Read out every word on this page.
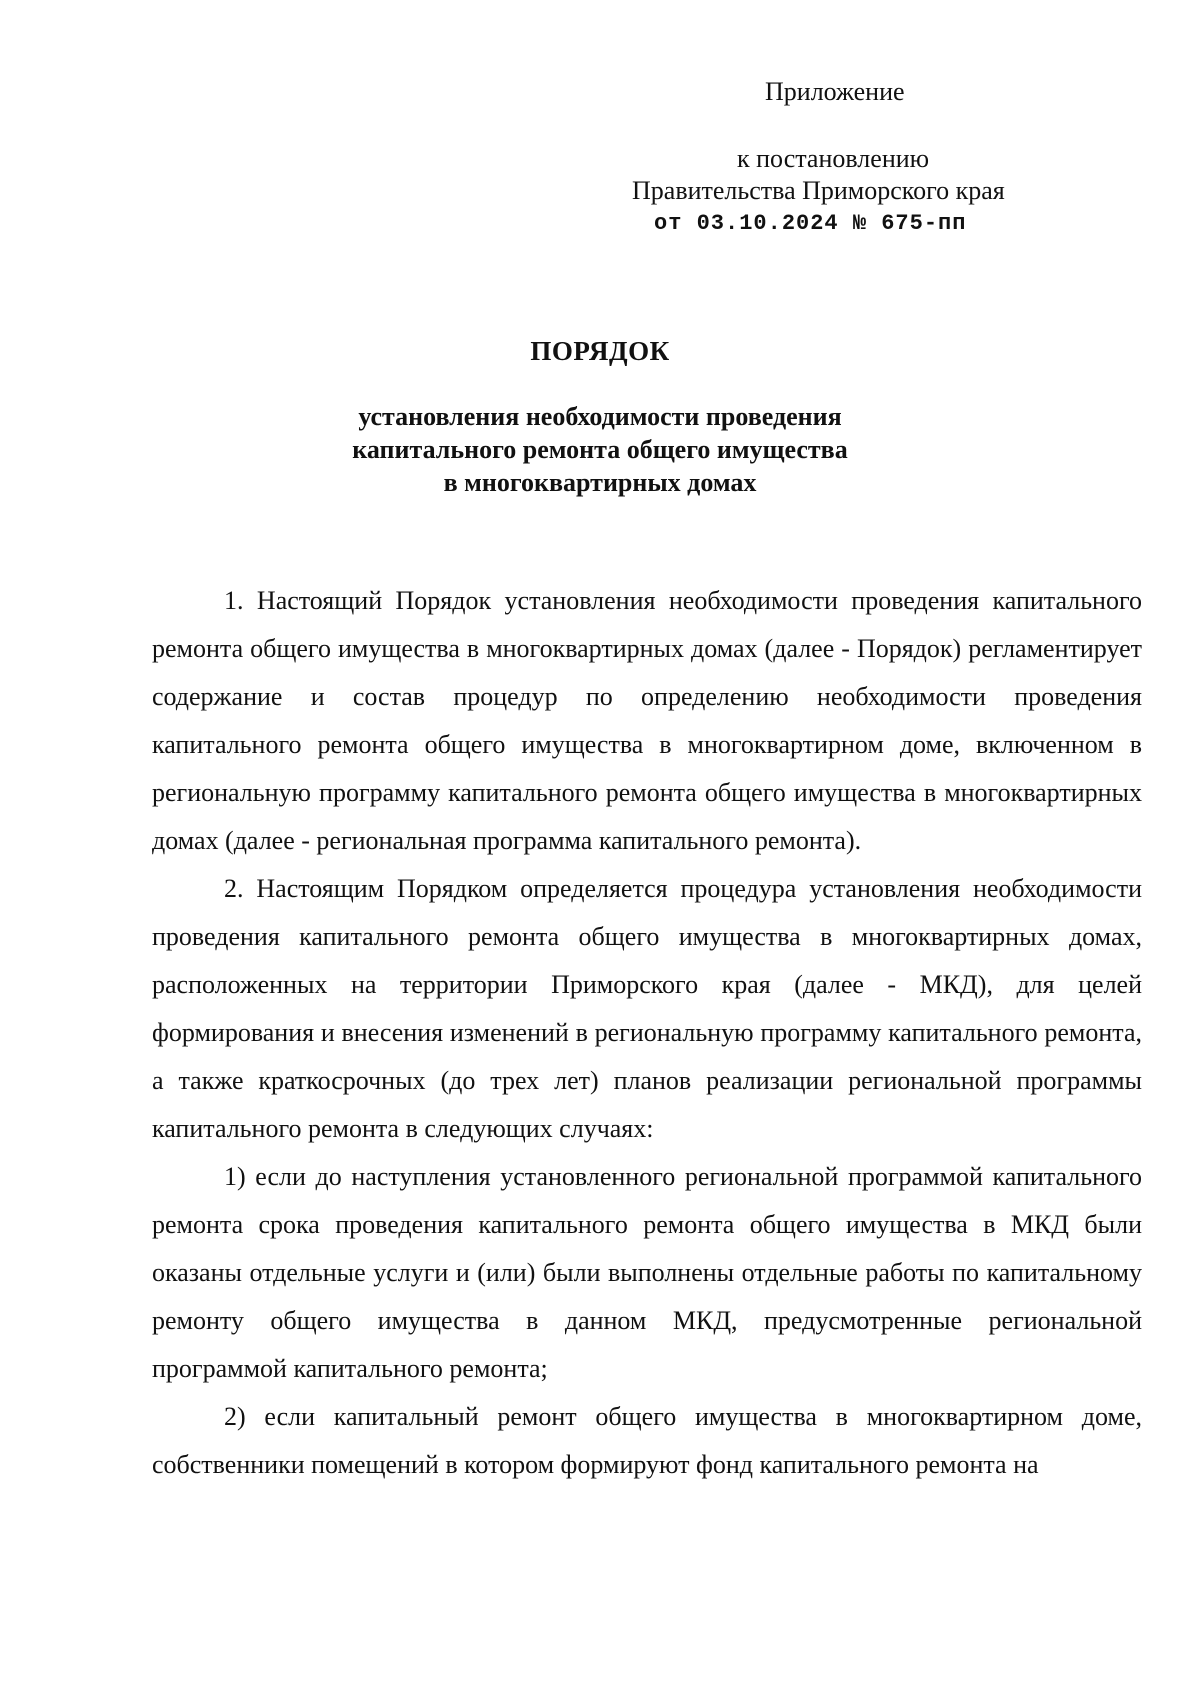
Приложение
к постановлению
Правительства Приморского края
от 03.10.2024 № 675-пп
ПОРЯДОК
установления необходимости проведения
капитального ремонта общего имущества
в многоквартирных домах

1. Настоящий Порядок установления необходимости проведения капитального ремонта общего имущества в многоквартирных домах (далее - Порядок) регламентирует содержание и состав процедур по определению необходимости проведения капитального ремонта общего имущества в многоквартирном доме, включенном в региональную программу капитального ремонта общего имущества в многоквартирных домах (далее - региональная программа капитального ремонта).

2. Настоящим Порядком определяется процедура установления необходимости проведения капитального ремонта общего имущества в многоквартирных домах, расположенных на территории Приморского края (далее - МКД), для целей формирования и внесения изменений в региональную программу капитального ремонта, а также краткосрочных (до трех лет) планов реализации региональной программы капитального ремонта в следующих случаях:

1) если до наступления установленного региональной программой капитального ремонта срока проведения капитального ремонта общего имущества в МКД были оказаны отдельные услуги и (или) были выполнены отдельные работы по капитальному ремонту общего имущества в данном МКД, предусмотренные региональной программой капитального ремонта;

2) если капитальный ремонт общего имущества в многоквартирном доме, собственники помещений в котором формируют фонд капитального ремонта на
